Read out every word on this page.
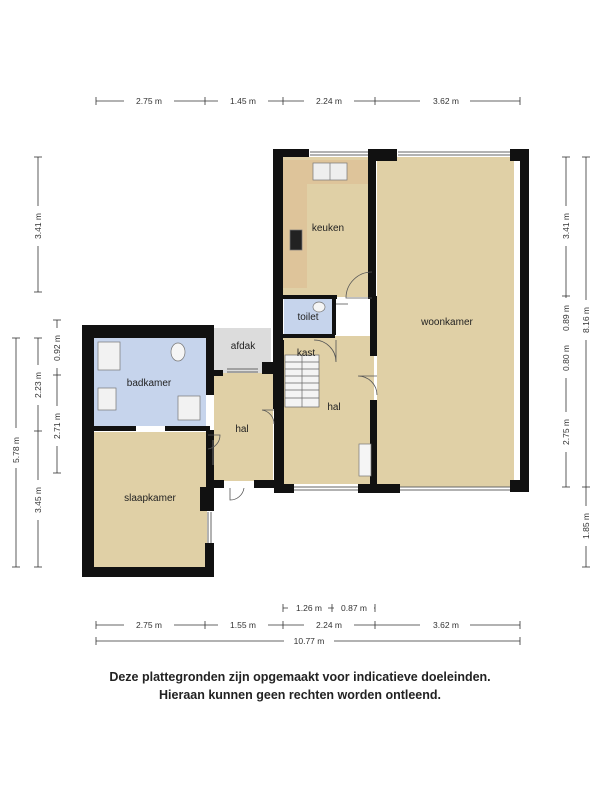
keuken
woonkamer
toilet
kast
afdak
badkamer
hal
hal
slaapkamer
2.75 m	1.45 m	2.24 m	3.62 m
1.26 m 0.87 m
2.75 m	1.55 m	2.24 m	3.62 m
10.77 m
5.78 m
3.41 m
2.23 m
3.45 m
0.92 m
2.71 m
3.41 m
0.89 m
0.80 m
2.75 m
8.16 m
1.85 m
Deze plattegronden zijn opgemaakt voor indicatieve doeleinden.
Hieraan kunnen geen rechten worden ontleend.
